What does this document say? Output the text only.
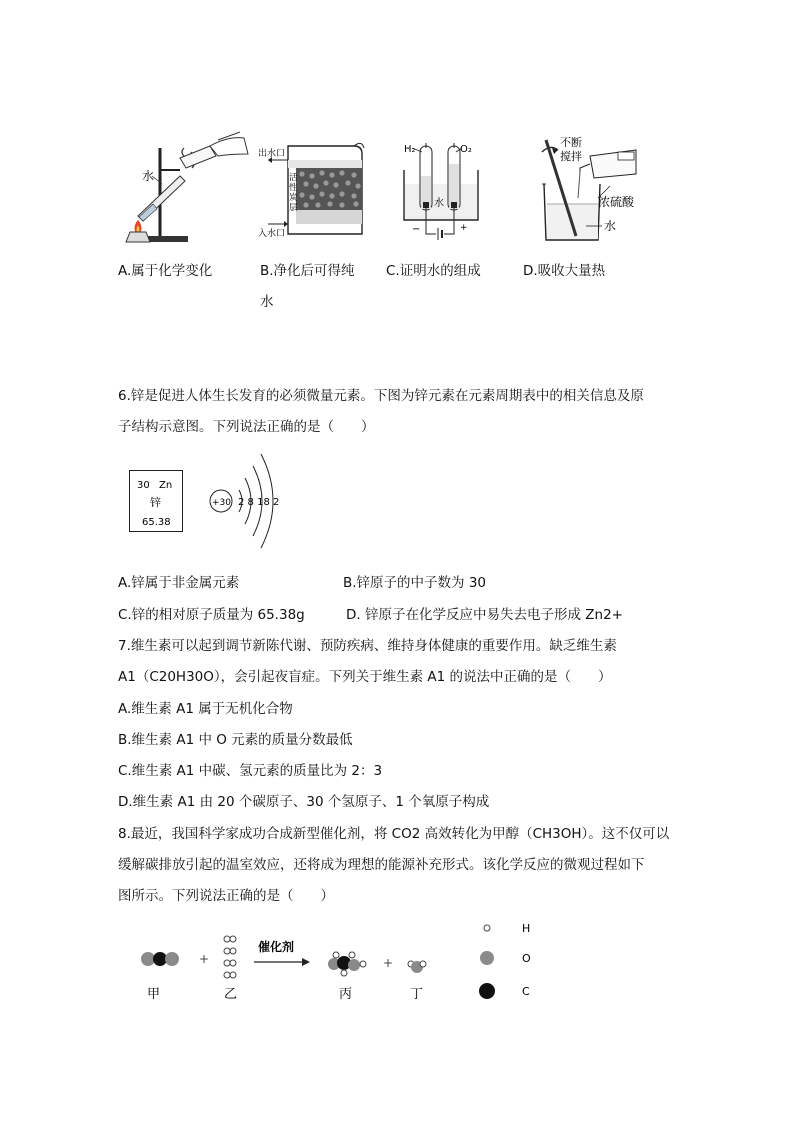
水
出水口
入水口
活
性
炭
层
H₂	O₂
水
−	+
不断
搅拌
浓硫酸
水
A.属于化学变化	B.净化后可得纯
水
C.证明水的组成	D.吸收大量热
6.锌是促进人体生长发育的必须微量元素。下图为锌元素在元素周期表中的相关信息及原
子结构示意图。下列说法正确的是（　　）
30 Zn
锌
65.38
+30 2 8 18 2
A.锌属于非金属元素	B.锌原子的中子数为 30
C.锌的相对原子质量为 65.38g	D. 锌原子在化学反应中易失去电子形成 Zn2+
7.维生素可以起到调节新陈代谢、预防疾病、维持身体健康的重要作用。缺乏维生素
A1（C20H30O），会引起夜盲症。下列关于维生素 A1 的说法中正确的是（　　）
A.维生素 A1 属于无机化合物
B.维生素 A1 中 O 元素的质量分数最低
C.维生素 A1 中碳、氢元素的质量比为 2：3
D.维生素 A1 由 20 个碳原子、30 个氢原子、1 个氧原子构成
8.最近，我国科学家成功合成新型催化剂，将 CO2 高效转化为甲醇（CH3OH）。这不仅可以
缓解碳排放引起的温室效应，还将成为理想的能源补充形式。该化学反应的微观过程如下
图所示。下列说法正确的是（　　）
+
催化剂
+
甲	乙	丙	丁
H
O
C
